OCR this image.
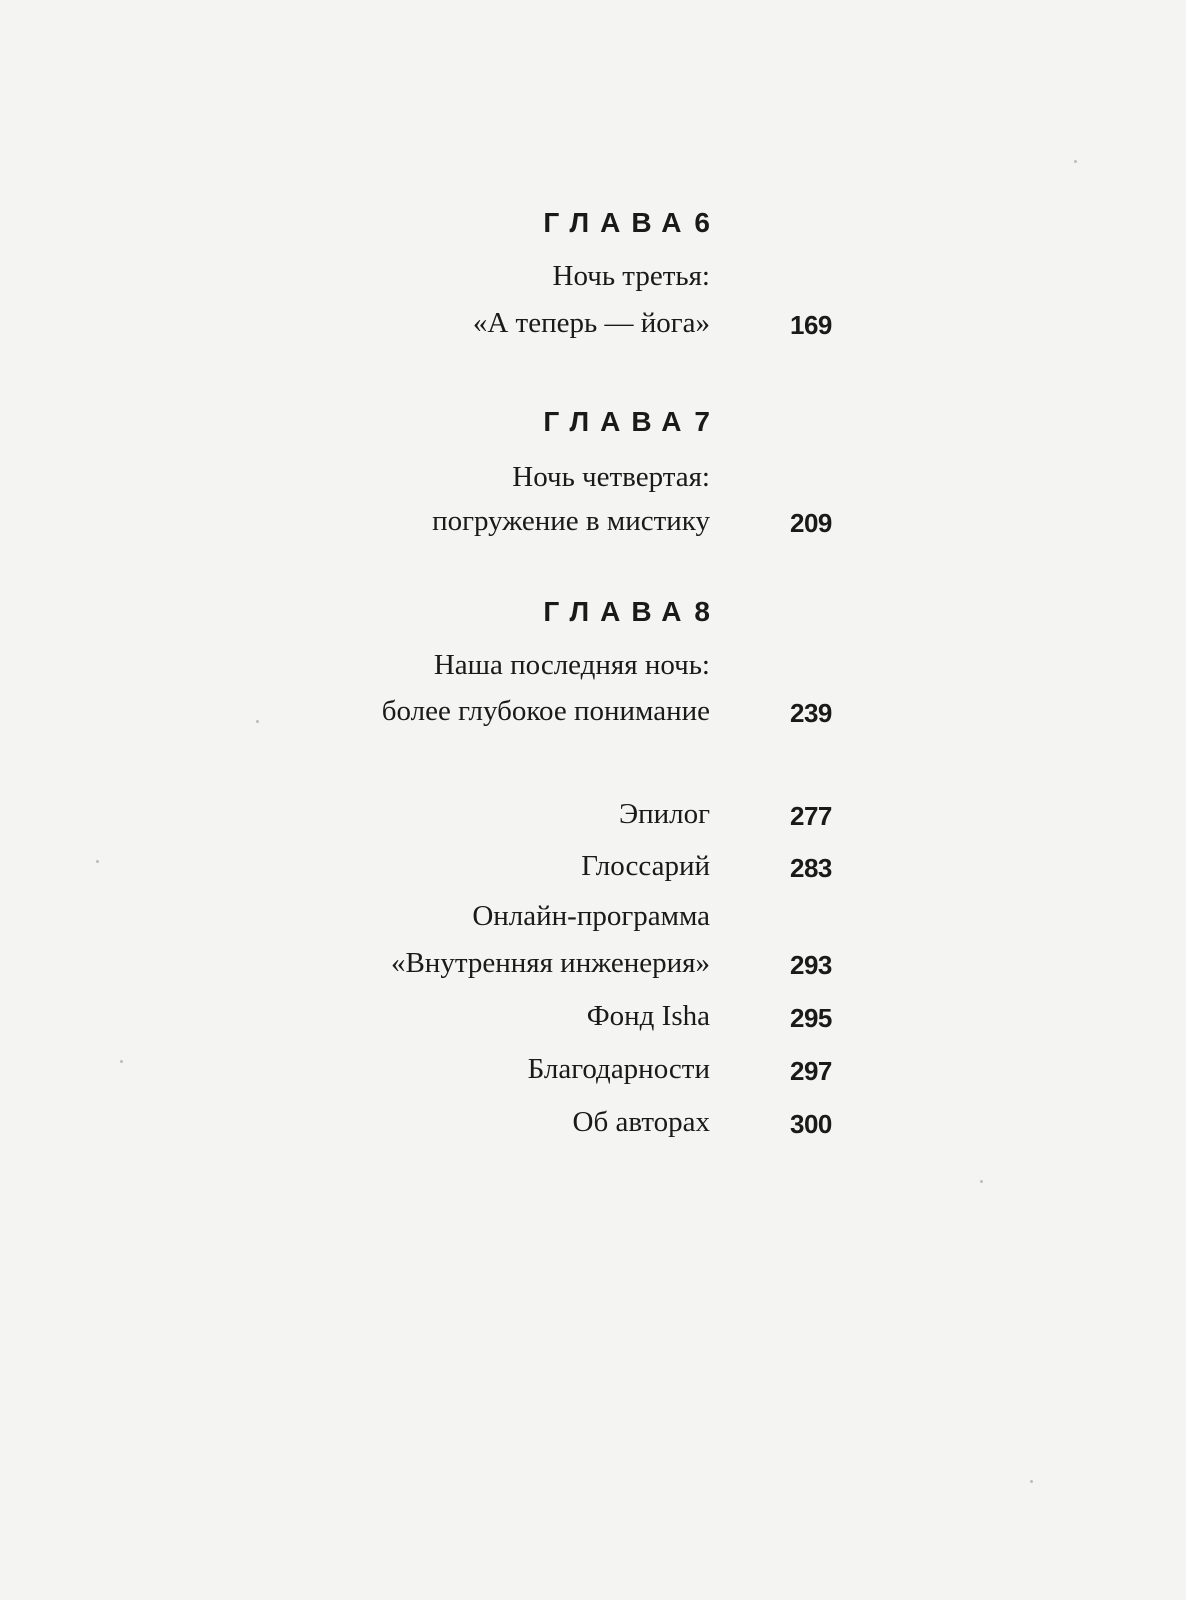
ГЛАВА6
Ночь третья:
«А теперь — йога»	169
ГЛАВА7
Ночь четвертая:
погружение в мистику	209
ГЛАВА8
Наша последняя ночь:
более глубокое понимание	239
Эпилог	277
Глоссарий	283
Онлайн-программа
«Внутренняя инженерия»	293
Фонд Isha	295
Благодарности	297
Об авторах	300
